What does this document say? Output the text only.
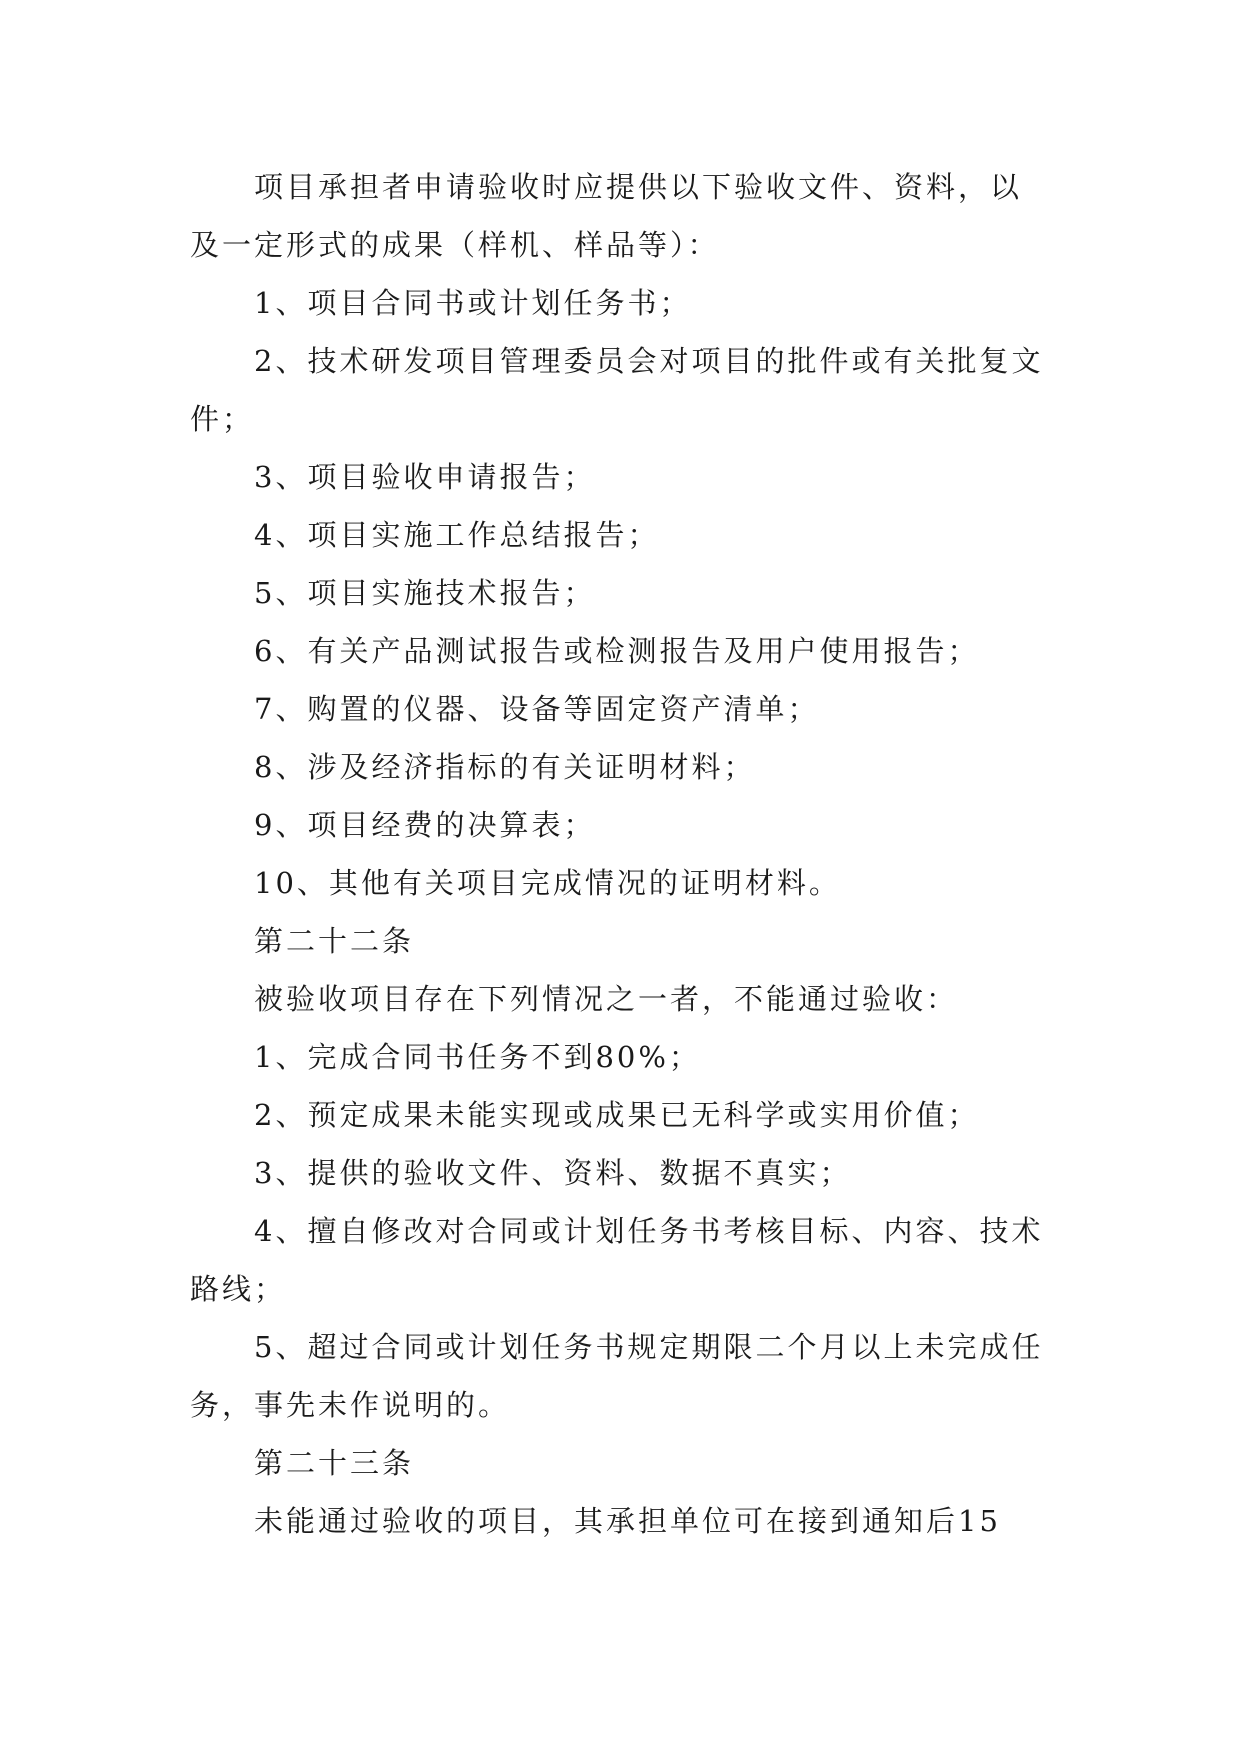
项目承担者申请验收时应提供以下验收文件、资料，以及一定形式的成果（样机、样品等）：

1、项目合同书或计划任务书；

2、技术研发项目管理委员会对项目的批件或有关批复文件；

3、项目验收申请报告；

4、项目实施工作总结报告；

5、项目实施技术报告；

6、有关产品测试报告或检测报告及用户使用报告；

7、购置的仪器、设备等固定资产清单；

8、涉及经济指标的有关证明材料；

9、项目经费的决算表；

10、其他有关项目完成情况的证明材料。

第二十二条

被验收项目存在下列情况之一者，不能通过验收：

1、完成合同书任务不到80%；

2、预定成果未能实现或成果已无科学或实用价值；

3、提供的验收文件、资料、数据不真实；

4、擅自修改对合同或计划任务书考核目标、内容、技术路线；

5、超过合同或计划任务书规定期限二个月以上未完成任务，事先未作说明的。

第二十三条

未能通过验收的项目，其承担单位可在接到通知后15
